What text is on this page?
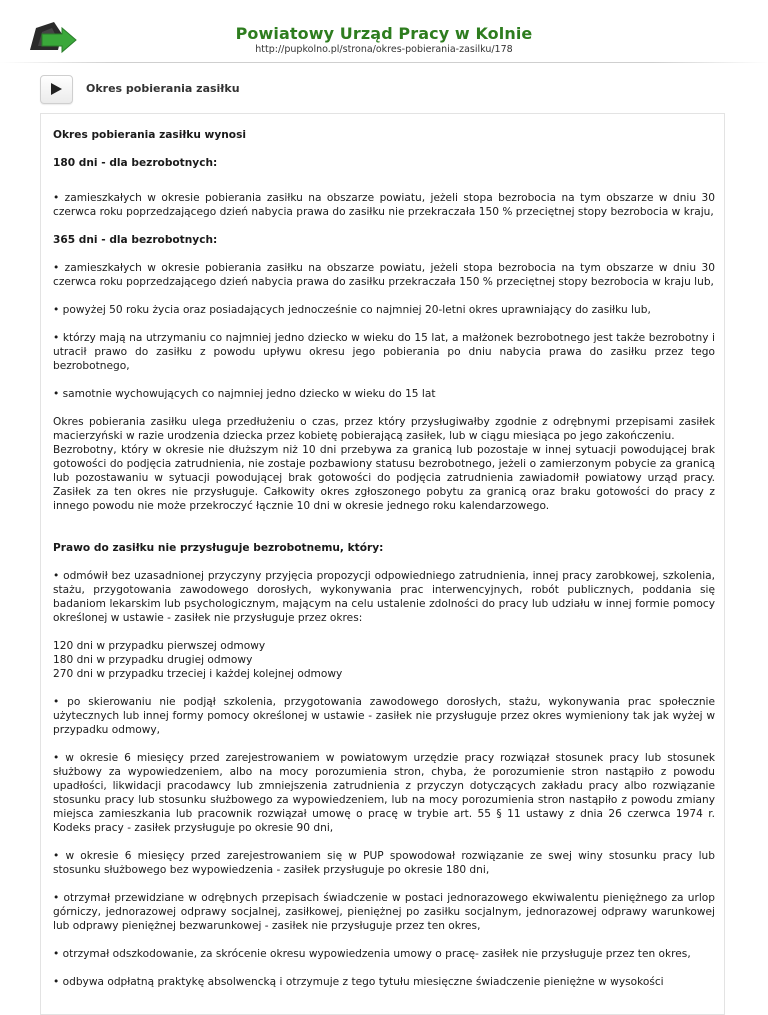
Powiatowy Urząd Pracy w Kolnie
http://pupkolno.pl/strona/okres-pobierania-zasilku/178
Okres pobierania zasiłku

Okres pobierania zasiłku wynosi

180 dni - dla bezrobotnych:

• zamieszkałych w okresie pobierania zasiłku na obszarze powiatu, jeżeli stopa bezrobocia na tym obszarze w dniu 30 czerwca roku poprzedzającego dzień nabycia prawa do zasiłku nie przekraczała 150 % przeciętnej stopy bezrobocia w kraju,

365 dni - dla bezrobotnych:

• zamieszkałych w okresie pobierania zasiłku na obszarze powiatu, jeżeli stopa bezrobocia na tym obszarze w dniu 30 czerwca roku poprzedzającego dzień nabycia prawa do zasiłku przekraczała 150 % przeciętnej stopy bezrobocia w kraju lub,

• powyżej 50 roku życia oraz posiadających jednocześnie co najmniej 20-letni okres uprawniający do zasiłku lub,

• którzy mają na utrzymaniu co najmniej jedno dziecko w wieku do 15 lat, a małżonek bezrobotnego jest także bezrobotny i utracił prawo do zasiłku z powodu upływu okresu jego pobierania po dniu nabycia prawa do zasiłku przez tego bezrobotnego,

• samotnie wychowujących co najmniej jedno dziecko w wieku do 15 lat

Okres pobierania zasiłku ulega przedłużeniu o czas, przez który przysługiwałby zgodnie z odrębnymi przepisami zasiłek macierzyński w razie urodzenia dziecka przez kobietę pobierającą zasiłek, lub w ciągu miesiąca po jego zakończeniu.

Bezrobotny, który w okresie nie dłuższym niż 10 dni przebywa za granicą lub pozostaje w innej sytuacji powodującej brak gotowości do podjęcia zatrudnienia, nie zostaje pozbawiony statusu bezrobotnego, jeżeli o zamierzonym pobycie za granicą lub pozostawaniu w sytuacji powodującej brak gotowości do podjęcia zatrudnienia zawiadomił powiatowy urząd pracy. Zasiłek za ten okres nie przysługuje. Całkowity okres zgłoszonego pobytu za granicą oraz braku gotowości do pracy z innego powodu nie może przekroczyć łącznie 10 dni w okresie jednego roku kalendarzowego.

Prawo do zasiłku nie przysługuje bezrobotnemu, który:

• odmówił bez uzasadnionej przyczyny przyjęcia propozycji odpowiedniego zatrudnienia, innej pracy zarobkowej, szkolenia, stażu, przygotowania zawodowego dorosłych, wykonywania prac interwencyjnych, robót publicznych, poddania się badaniom lekarskim lub psychologicznym, mającym na celu ustalenie zdolności do pracy lub udziału w innej formie pomocy określonej w ustawie - zasiłek nie przysługuje przez okres:

120 dni w przypadku pierwszej odmowy
180 dni w przypadku drugiej odmowy
270 dni w przypadku trzeciej i każdej kolejnej odmowy

• po skierowaniu nie podjął szkolenia, przygotowania zawodowego dorosłych, stażu, wykonywania prac społecznie użytecznych lub innej formy pomocy określonej w ustawie - zasiłek nie przysługuje przez okres wymieniony tak jak wyżej w przypadku odmowy,

• w okresie 6 miesięcy przed zarejestrowaniem w powiatowym urzędzie pracy rozwiązał stosunek pracy lub stosunek służbowy za wypowiedzeniem, albo na mocy porozumienia stron, chyba, że porozumienie stron nastąpiło z powodu upadłości, likwidacji pracodawcy lub zmniejszenia zatrudnienia z przyczyn dotyczących zakładu pracy albo rozwiązanie stosunku pracy lub stosunku służbowego za wypowiedzeniem, lub na mocy porozumienia stron nastąpiło z powodu zmiany miejsca zamieszkania lub pracownik rozwiązał umowę o pracę w trybie art. 55 § 11 ustawy z dnia 26 czerwca 1974 r. Kodeks pracy - zasiłek przysługuje po okresie 90 dni,

• w okresie 6 miesięcy przed zarejestrowaniem się w PUP spowodował rozwiązanie ze swej winy stosunku pracy lub stosunku służbowego bez wypowiedzenia - zasiłek przysługuje po okresie 180 dni,

• otrzymał przewidziane w odrębnych przepisach świadczenie w postaci jednorazowego ekwiwalentu pieniężnego za urlop górniczy, jednorazowej odprawy socjalnej, zasiłkowej, pieniężnej po zasiłku socjalnym, jednorazowej odprawy warunkowej lub odprawy pieniężnej bezwarunkowej - zasiłek nie przysługuje przez ten okres,

• otrzymał odszkodowanie, za skrócenie okresu wypowiedzenia umowy o pracę- zasiłek nie przysługuje przez ten okres,

• odbywa odpłatną praktykę absolwencką i otrzymuje z tego tytułu miesięczne świadczenie pieniężne w wysokości
